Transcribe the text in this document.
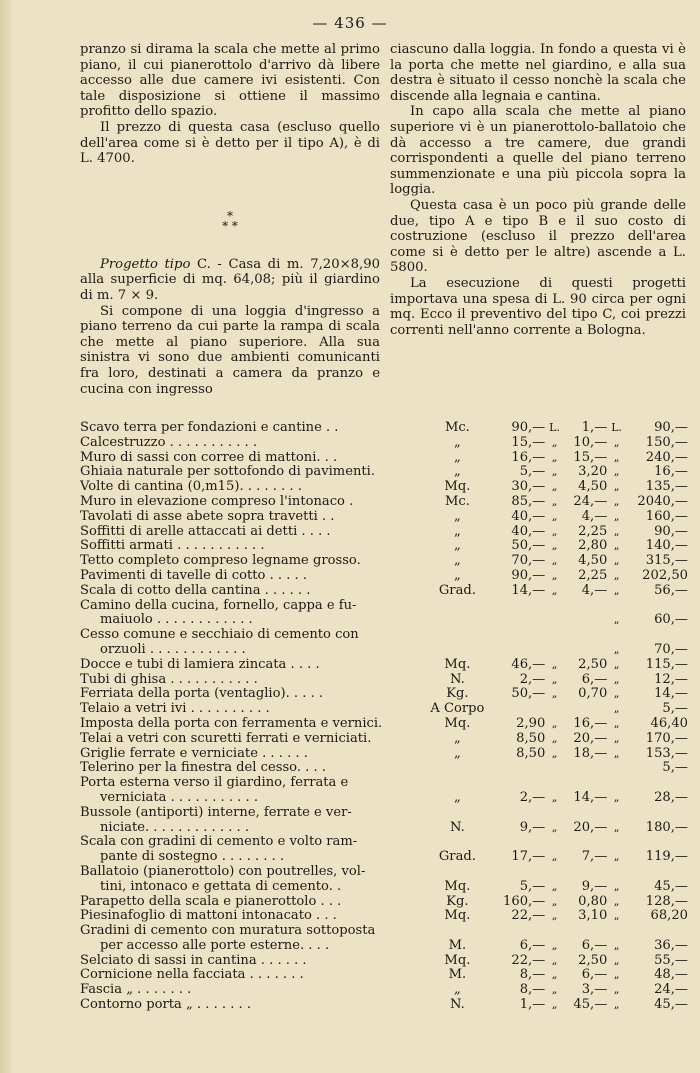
— 436 —

pranzo si dirama la scala che mette al primo piano, il cui pianerottolo d'arrivo dà libere accesso alle due camere ivi esistenti. Con tale disposizione si ottiene il massimo profitto dello spazio.

Il prezzo di questa casa (escluso quello dell'area come si è detto per il tipo A), è di L. 4700.

*
* *

Progetto tipo C. - Casa di m. 7,20×8,90 alla superficie di mq. 64,08; più il giardino di m. 7 × 9.

Si compone di una loggia d'ingresso a piano terreno da cui parte la rampa di scala che mette al piano superiore. Alla sua sinistra vi sono due ambienti comunicanti fra loro, destinati a camera da pranzo e cucina con ingresso

ciascuno dalla loggia. In fondo a questa vi è la porta che mette nel giardino, e alla sua destra è situato il cesso nonchè la scala che discende alla legnaia e cantina.

In capo alla scala che mette al piano superiore vi è un pianerottolo-ballatoio che dà accesso a tre camere, due grandi corrispondenti a quelle del piano terreno summenzionate e una più piccola sopra la loggia.

Questa casa è un poco più grande delle due, tipo A e tipo B e il suo costo di costruzione (escluso il prezzo dell'area come si è detto per le altre) ascende a L. 5800.

La esecuzione di questi progetti importava una spesa di L. 90 circa per ogni mq. Ecco il preventivo del tipo C, coi prezzi correnti nell'anno corrente a Bologna.

Scavo terra per fondazioni e cantine . .	Mc.	90,—	L.	1,—	L.	90,—
Calcestruzzo . . . . . . . . . . .	„	15,—	„	10,—	„	150,—
Muro di sassi con corree di mattoni. . .	„	16,—	„	15,—	„	240,—
Ghiaia naturale per sottofondo di pavimenti.	„	5,—	„	3,20	„	16,—
Volte di cantina (0,m15). . . . . . . .	Mq.	30,—	„	4,50	„	135,—
Muro in elevazione compreso l'intonaco .	Mc.	85,—	„	24,—	„	2040,—
Tavolati di asse abete sopra travetti . .	„	40,—	„	4,—	„	160,—
Soffitti di arelle attaccati ai detti . . . .	„	40,—	„	2,25	„	90,—
Soffitti armati . . . . . . . . . . .	„	50,—	„	2,80	„	140,—
Tetto completo compreso legname grosso.	„	70,—	„	4,50	„	315,—
Pavimenti di tavelle di cotto . . . . .	„	90,—	„	2,25	„	202,50
Scala di cotto della cantina . . . . . .	Grad.	14,—	„	4,—	„	56,—
Camino della cucina, fornello, cappa e fu-
maiuolo . . . . . . . . . . . .					„	60,—
Cesso comune e secchiaio di cemento con
orzuoli . . . . . . . . . . . .					„	70,—
Docce e tubi di lamiera zincata . . . .	Mq.	46,—	„	2,50	„	115,—
Tubi di ghisa . . . . . . . . . . .	N.	2,—	„	6,—	„	12,—
Ferriata della porta (ventaglio). . . . .	Kg.	50,—	„	0,70	„	14,—
Telaio a vetri ivi . . . . . . . . . .	A Corpo				„	5,—
Imposta della porta con ferramenta e vernici.	Mq.	2,90	„	16,—	„	46,40
Telai a vetri con scuretti ferrati e verniciati.	„	8,50	„	20,—	„	170,—
Griglie ferrate e verniciate . . . . . .	„	8,50	„	18,—	„	153,—
Telerino per la finestra del cesso. . . .						5,—
Porta esterna verso il giardino, ferrata e
verniciata . . . . . . . . . . .	„	2,—	„	14,—	„	28,—
Bussole (antiporti) interne, ferrate e ver-
niciate. . . . . . . . . . . . .	N.	9,—	„	20,—	„	180,—
Scala con gradini di cemento e volto ram-
pante di sostegno . . . . . . . .	Grad.	17,—	„	7,—	„	119,—
Ballatoio (pianerottolo) con poutrelles, vol-
tini, intonaco e gettata di cemento. .	Mq.	5,—	„	9,—	„	45,—
Parapetto della scala e pianerottolo . . .	Kg.	160,—	„	0,80	„	128,—
Piesinafoglio di mattoni intonacato . . .	Mq.	22,—	„	3,10	„	68,20
Gradini di cemento con muratura sottoposta
per accesso alle porte esterne. . . .	M.	6,—	„	6,—	„	36,—
Selciato di sassi in cantina . . . . . .	Mq.	22,—	„	2,50	„	55,—
Cornicione nella facciata . . . . . . .	M.	8,—	„	6,—	„	48,—
Fascia „ . . . . . . .	„	8,—	„	3,—	„	24,—
Contorno porta „ . . . . . . .	N.	1,—	„	45,—	„	45,—
